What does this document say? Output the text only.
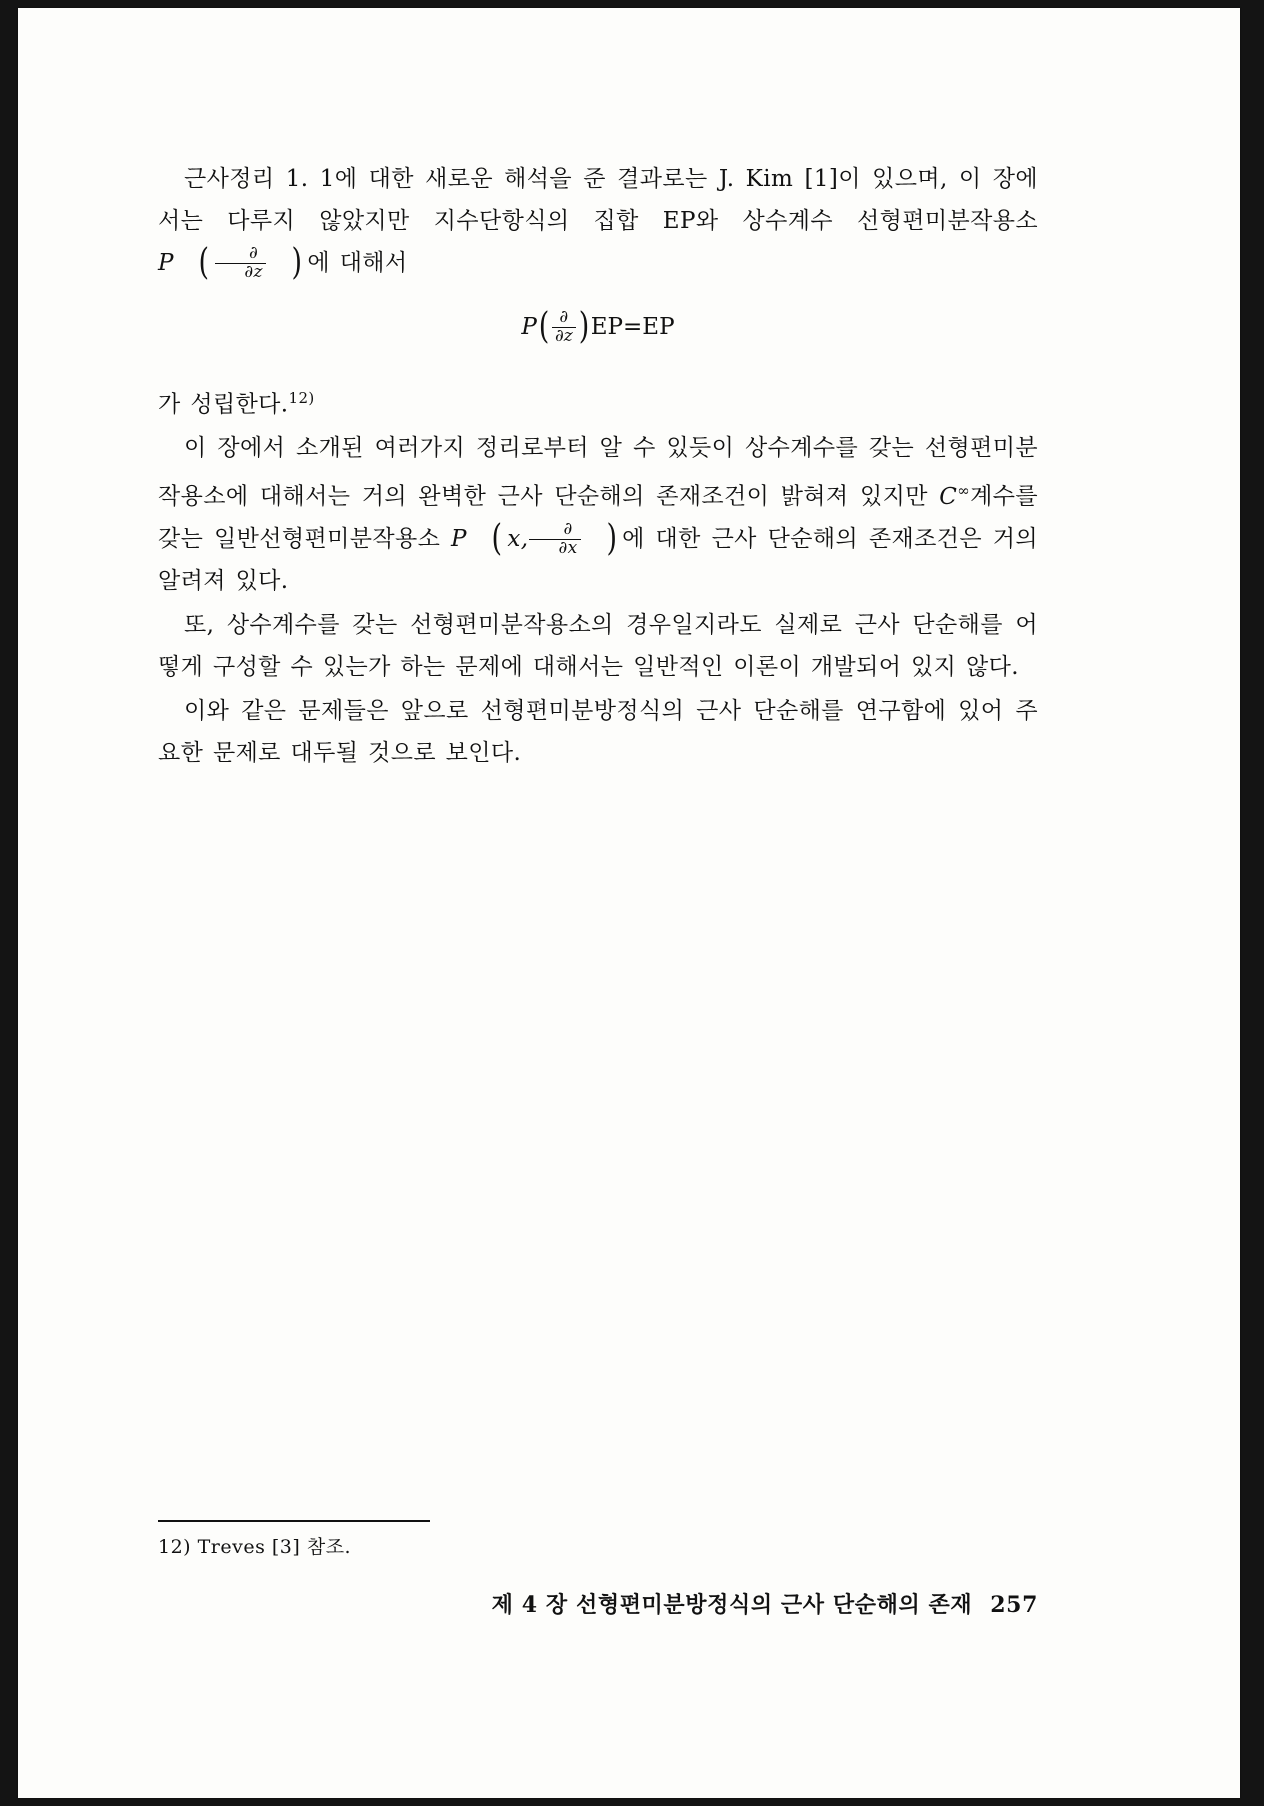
근사정리 1. 1에 대한 새로운 해석을 준 결과로는 J. Kim [1]이 있으며, 이 장에서는 다루지 않았지만 지수단항식의 집합 EP와 상수계수 선형편미분작용소 P ( $\frac{\partial}{\partial z}$ ) 에 대해서

$P( \frac{\partial}{\partial z} )EP=EP$

가 성립한다.$^{12)}$

이 장에서 소개된 여러가지 정리로부터 알 수 있듯이 상수계수를 갖는 선형편미분작용소에 대해서는 거의 완벽한 근사 단순해의 존재조건이 밝혀져 있지만 C∞계수를 갖는 일반선형편미분작용소 P ( x, $\frac{\partial}{\partial x}$ ) 에 대한 근사 단순해의 존재조건은 거의 알려져 있다.

또, 상수계수를 갖는 선형편미분작용소의 경우일지라도 실제로 근사 단순해를 어떻게 구성할 수 있는가 하는 문제에 대해서는 일반적인 이론이 개발되어 있지 않다.

이와 같은 문제들은 앞으로 선형편미분방정식의 근사 단순해를 연구함에 있어 주요한 문제로 대두될 것으로 보인다.

12) Treves [3] 참조.
제 4 장 선형편미분방정식의 근사 단순해의 존재 257
